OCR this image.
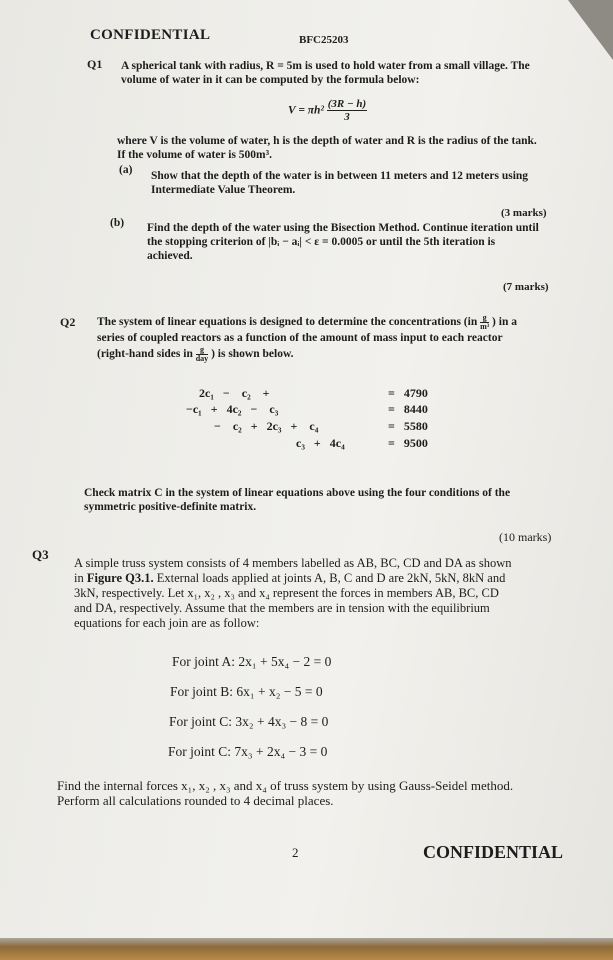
CONFIDENTIAL	BFC25203
Q1 A spherical tank with radius, R = 5m is used to hold water from a small village. The
volume of water in it can be computed by the formula below:
$V = \pi h^2 \frac{(3R - h)}{3}$
where V is the volume of water, h is the depth of water and R is the radius of the tank.
If the volume of water is 500m³.
(a) Show that the depth of the water is in between 11 meters and 12 meters using
Intermediate Value Theorem.
(3 marks)
(b) Find the depth of the water using the Bisection Method. Continue iteration until
the stopping criterion of |bᵢ − aᵢ| < ε = 0.0005 or until the 5th iteration is
achieved.
(7 marks)
Q2 The system of linear equations is designed to determine the concentrations ($in \frac{g}{\text{m³}}$ ) in a
series of coupled reactors as a function of the amount of mass input to each reactor
(right-hand sides in $\frac{g}{\text{day}}$ ) is shown below.
2c₁   −    c₂    +
−c₁   +   4c₂   −    c₃
−    c₂   +   2c₃   +    c₄
c₃   +   4c₄
=   4790
=   8440
=   5580
=   9500
Check matrix C in the system of linear equations above using the four conditions of the
symmetric positive-definite matrix.
(10 marks)
Q3
A simple truss system consists of 4 members labelled as AB, BC, CD and DA as shown
in Figure Q3.1. External loads applied at joints A, B, C and D are 2kN, 5kN, 8kN and
3kN, respectively. Let x₁, x₂ , x₃ and x₄ represent the forces in members AB, BC, CD
and DA, respectively. Assume that the members are in tension with the equilibrium
equations for each join are as follow:
For joint A: 2x₁ + 5x₄ − 2 = 0
For joint B: 6x₁ + x₂ − 5 = 0
For joint C: 3x₂ + 4x₃ − 8 = 0
For joint C: 7x₃ + 2x₄ − 3 = 0
Find the internal forces x₁, x₂ , x₃ and x₄ of truss system by using Gauss-Seidel method.
Perform all calculations rounded to 4 decimal places.
2	CONFIDENTIAL
